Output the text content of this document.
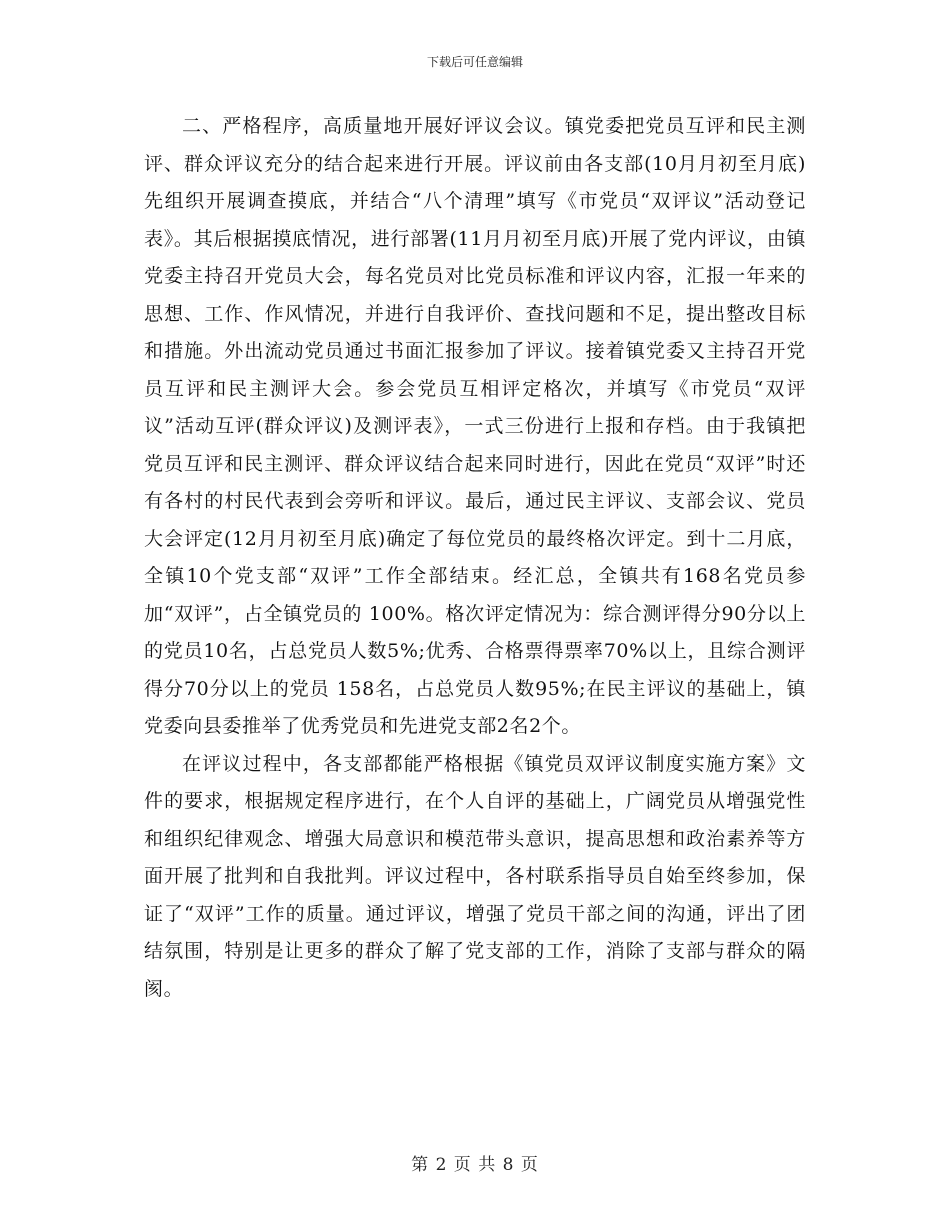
下载后可任意编辑

二、严格程序，高质量地开展好评议会议。镇党委把党员互评和民主测评、群众评议充分的结合起来进行开展。评议前由各支部(10月月初至月底)先组织开展调查摸底，并结合“八个清理”填写《市党员“双评议”活动登记表》。其后根据摸底情况，进行部署(11月月初至月底)开展了党内评议，由镇党委主持召开党员大会，每名党员对比党员标准和评议内容，汇报一年来的思想、工作、作风情况，并进行自我评价、查找问题和不足，提出整改目标和措施。外出流动党员通过书面汇报参加了评议。接着镇党委又主持召开党员互评和民主测评大会。参会党员互相评定格次，并填写《市党员“双评议”活动互评(群众评议)及测评表》，一式三份进行上报和存档。由于我镇把党员互评和民主测评、群众评议结合起来同时进行，因此在党员“双评”时还有各村的村民代表到会旁听和评议。最后，通过民主评议、支部会议、党员大会评定(12月月初至月底)确定了每位党员的最终格次评定。到十二月底，全镇10个党支部“双评”工作全部结束。经汇总，全镇共有168名党员参加“双评”，占全镇党员的 100%。格次评定情况为：综合测评得分90分以上的党员10名，占总党员人数5%;优秀、合格票得票率70%以上，且综合测评得分70分以上的党员 158名，占总党员人数95%;在民主评议的基础上，镇党委向县委推举了优秀党员和先进党支部2名2个。

在评议过程中，各支部都能严格根据《镇党员双评议制度实施方案》文件的要求，根据规定程序进行，在个人自评的基础上，广阔党员从增强党性和组织纪律观念、增强大局意识和模范带头意识，提高思想和政治素养等方面开展了批判和自我批判。评议过程中，各村联系指导员自始至终参加，保证了“双评”工作的质量。通过评议，增强了党员干部之间的沟通，评出了团结氛围，特别是让更多的群众了解了党支部的工作，消除了支部与群众的隔阂。

第 2 页 共 8 页
